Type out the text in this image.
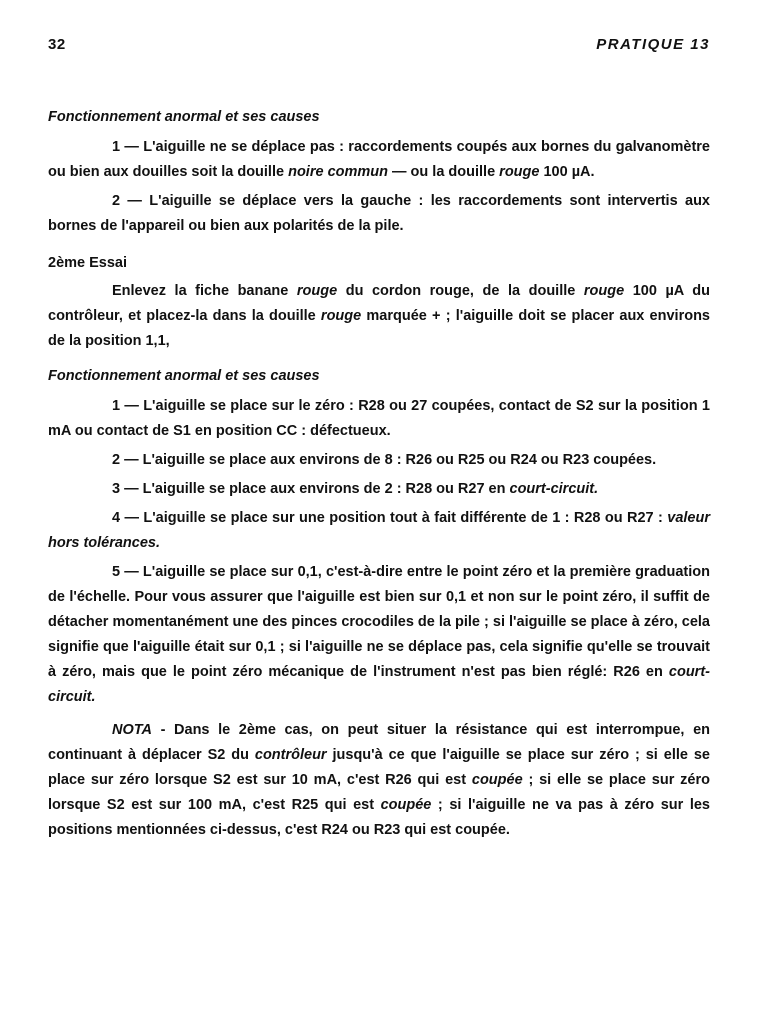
32	PRATIQUE 13
Fonctionnement anormal et ses causes

1 — L'aiguille ne se déplace pas : raccordements coupés aux bornes du galvanomètre ou bien aux douilles soit la douille noire commun — ou la douille rouge 100 µA.

2 — L'aiguille se déplace vers la gauche : les raccordements sont intervertis aux bornes de l'appareil ou bien aux polarités de la pile.

2ème Essai

Enlevez la fiche banane rouge du cordon rouge, de la douille rouge 100 µA du contrôleur, et placez-la dans la douille rouge marquée + ; l'aiguille doit se placer aux environs de la position 1,1,

Fonctionnement anormal et ses causes

1 — L'aiguille se place sur le zéro : R28 ou 27 coupées, contact de S2 sur la position 1 mA ou contact de S1 en position CC : défectueux.

2 — L'aiguille se place aux environs de 8 : R26 ou R25 ou R24 ou R23 coupées.

3 — L'aiguille se place aux environs de 2 : R28 ou R27 en court-circuit.

4 — L'aiguille se place sur une position tout à fait différente de 1 : R28 ou R27 : valeur hors tolérances.

5 — L'aiguille se place sur 0,1, c'est-à-dire entre le point zéro et la première graduation de l'échelle. Pour vous assurer que l'aiguille est bien sur 0,1 et non sur le point zéro, il suffit de détacher momentanément une des pinces crocodiles de la pile ; si l'aiguille se place à zéro, cela signifie que l'aiguille était sur 0,1 ; si l'aiguille ne se déplace pas, cela signifie qu'elle se trouvait à zéro, mais que le point zéro mécanique de l'instrument n'est pas bien réglé: R26 en court-circuit.

NOTA - Dans le 2ème cas, on peut situer la résistance qui est interrompue, en continuant à déplacer S2 du contrôleur jusqu'à ce que l'aiguille se place sur zéro ; si elle se place sur zéro lorsque S2 est sur 10 mA, c'est R26 qui est coupée ; si elle se place sur zéro lorsque S2 est sur 100 mA, c'est R25 qui est coupée ; si l'aiguille ne va pas à zéro sur les positions mentionnées ci-dessus, c'est R24 ou R23 qui est coupée.
